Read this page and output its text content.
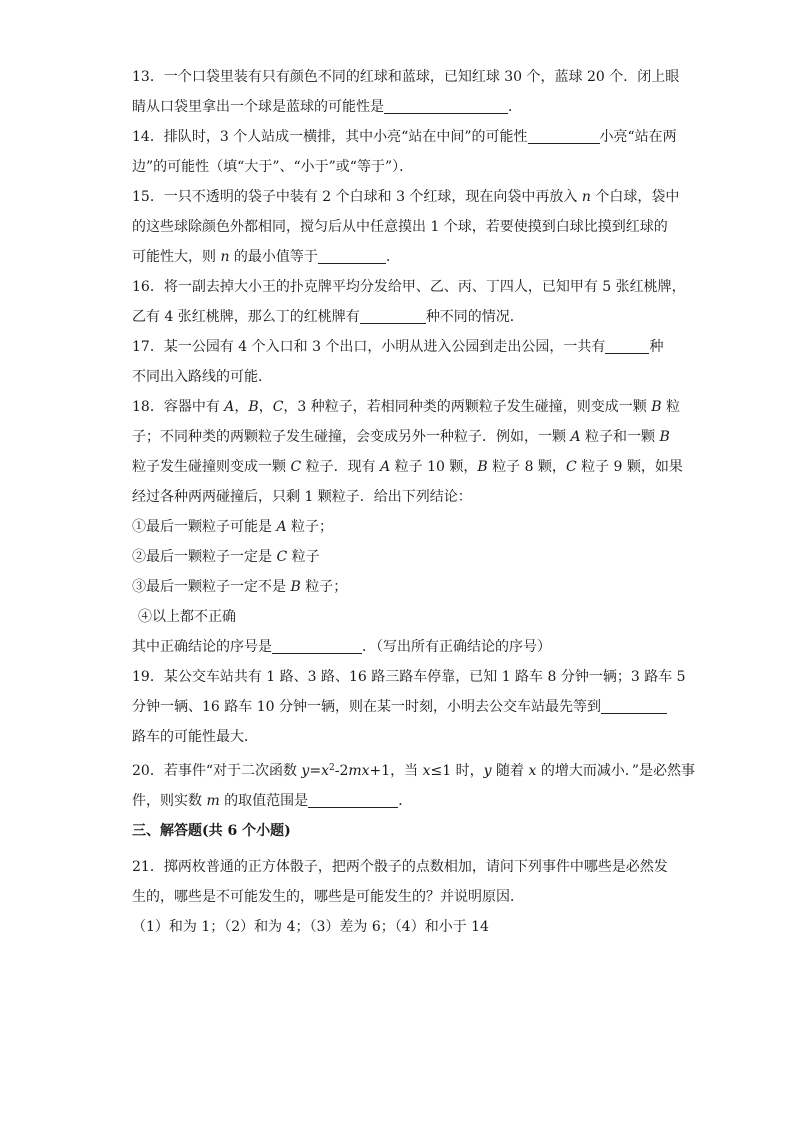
13．一个口袋里装有只有颜色不同的红球和蓝球，已知红球 30 个，蓝球 20 个．闭上眼
睛从口袋里拿出一个球是蓝球的可能性是	．
14．排队时，3 个人站成一横排，其中小亮“站在中间”的可能性	小亮“站在两
边”的可能性（填“大于”、“小于”或“等于”）．
15．一只不透明的袋子中装有 2 个白球和 3 个红球，现在向袋中再放入 n 个白球，袋中
的这些球除颜色外都相同，搅匀后从中任意摸出 1 个球，若要使摸到白球比摸到红球的
可能性大，则 n 的最小值等于	．
16．将一副去掉大小王的扑克牌平均分发给甲、乙、丙、丁四人，已知甲有 5 张红桃牌，
乙有 4 张红桃牌，那么丁的红桃牌有	种不同的情况．
17．某一公园有 4 个入口和 3 个出口，小明从进入公园到走出公园，一共有	种
不同出入路线的可能．
18．容器中有 A，B，C，3 种粒子，若相同种类的两颗粒子发生碰撞，则变成一颗 B 粒
子；不同种类的两颗粒子发生碰撞，会变成另外一种粒子．例如，一颗 A 粒子和一颗 B
粒子发生碰撞则变成一颗 C 粒子．现有 A 粒子 10 颗，B 粒子 8 颗，C 粒子 9 颗，如果
经过各种两两碰撞后，只剩 1 颗粒子．给出下列结论：
①最后一颗粒子可能是 A 粒子；
②最后一颗粒子一定是 C 粒子
③最后一颗粒子一定不是 B 粒子；
④以上都不正确
其中正确结论的序号是	．（写出所有正确结论的序号）
19．某公交车站共有 1 路、3 路、16 路三路车停靠，已知 1 路车 8 分钟一辆；3 路车 5
分钟一辆、16 路车 10 分钟一辆，则在某一时刻，小明去公交车站最先等到
路车的可能性最大．
20．若事件“对于二次函数 $y=x^2-2mx+1$，当 x≤1 时，y 随着 x 的增大而减小．”是必然事
件，则实数 m 的取值范围是	．
三、解答题(共 6 个小题)
21．掷两枚普通的正方体骰子，把两个骰子的点数相加，请问下列事件中哪些是必然发
生的，哪些是不可能发生的，哪些是可能发生的？并说明原因．
（1）和为 1；（2）和为 4；（3）差为 6；（4）和小于 14
